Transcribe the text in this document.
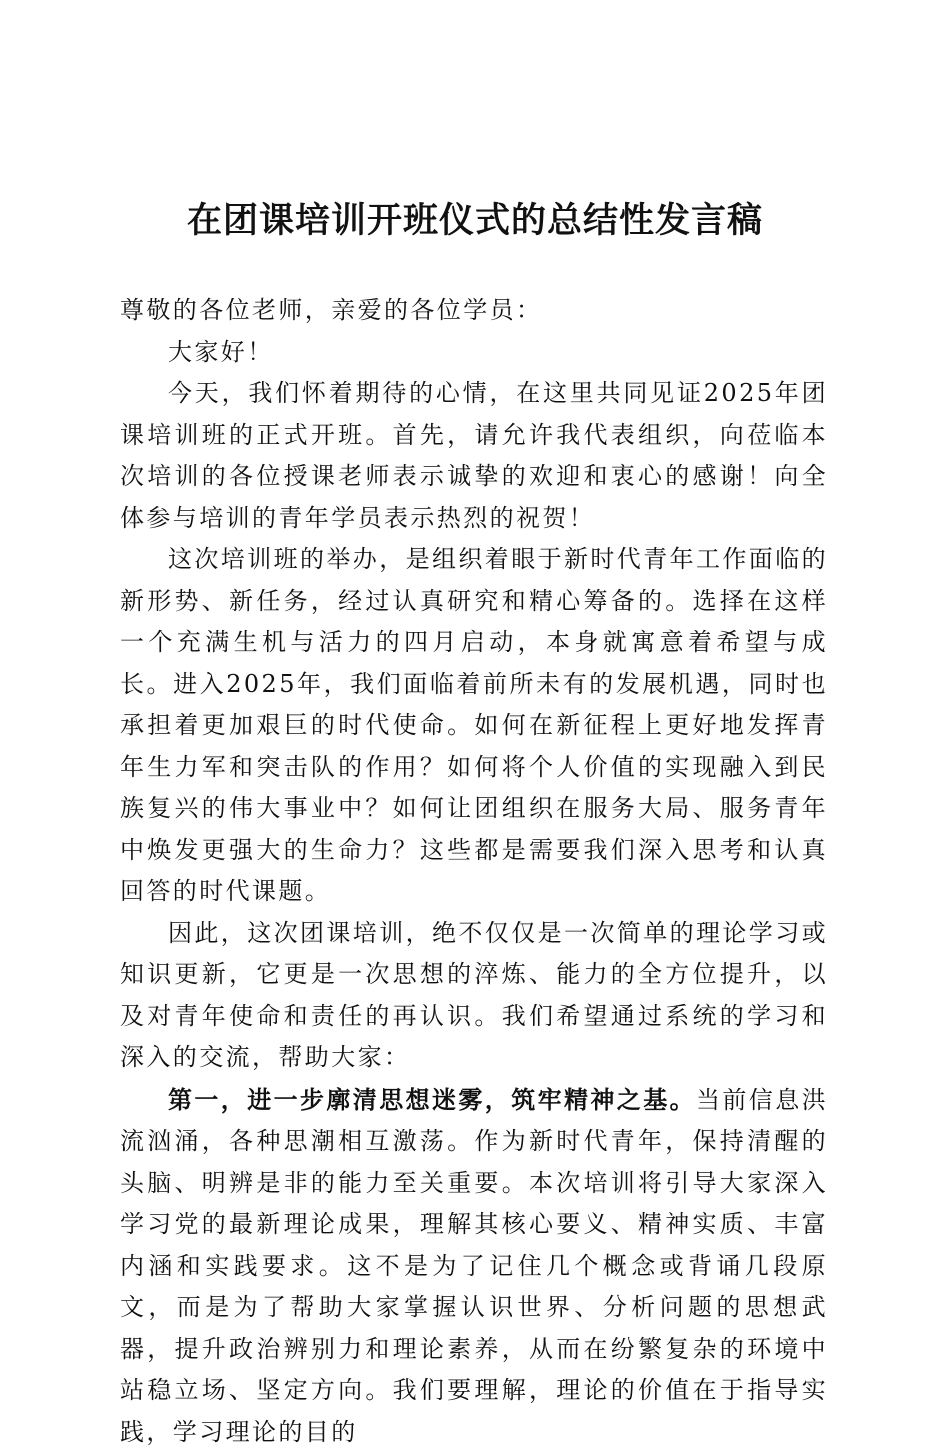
在团课培训开班仪式的总结性发言稿

尊敬的各位老师，亲爱的各位学员：

大家好！

今天，我们怀着期待的心情，在这里共同见证2025年团课培训班的正式开班。首先，请允许我代表组织，向莅临本次培训的各位授课老师表示诚挚的欢迎和衷心的感谢！向全体参与培训的青年学员表示热烈的祝贺！

这次培训班的举办，是组织着眼于新时代青年工作面临的新形势、新任务，经过认真研究和精心筹备的。选择在这样一个充满生机与活力的四月启动，本身就寓意着希望与成长。进入2025年，我们面临着前所未有的发展机遇，同时也承担着更加艰巨的时代使命。如何在新征程上更好地发挥青年生力军和突击队的作用？如何将个人价值的实现融入到民族复兴的伟大事业中？如何让团组织在服务大局、服务青年中焕发更强大的生命力？这些都是需要我们深入思考和认真回答的时代课题。

因此，这次团课培训，绝不仅仅是一次简单的理论学习或知识更新，它更是一次思想的淬炼、能力的全方位提升，以及对青年使命和责任的再认识。我们希望通过系统的学习和深入的交流，帮助大家：

第一，进一步廓清思想迷雾，筑牢精神之基。当前信息洪流汹涌，各种思潮相互激荡。作为新时代青年，保持清醒的头脑、明辨是非的能力至关重要。本次培训将引导大家深入学习党的最新理论成果，理解其核心要义、精神实质、丰富内涵和实践要求。这不是为了记住几个概念或背诵几段原文，而是为了帮助大家掌握认识世界、分析问题的思想武器，提升政治辨别力和理论素养，从而在纷繁复杂的环境中站稳立场、坚定方向。我们要理解，理论的价值在于指导实践，学习理论的目的
